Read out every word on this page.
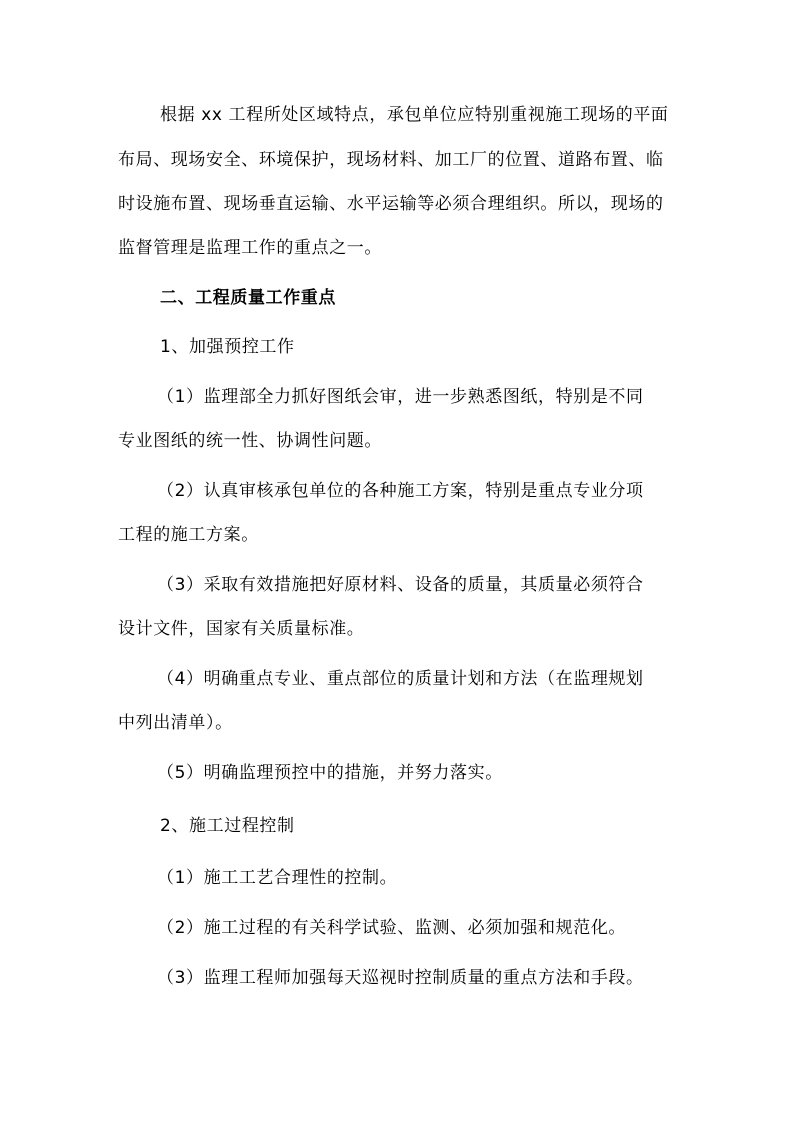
根据 xx 工程所处区域特点，承包单位应特别重视施工现场的平面
布局、现场安全、环境保护，现场材料、加工厂的位置、道路布置、临
时设施布置、现场垂直运输、水平运输等必须合理组织。所以，现场的
监督管理是监理工作的重点之一。
二、工程质量工作重点
1、加强预控工作
（1）监理部全力抓好图纸会审，进一步熟悉图纸，特别是不同
专业图纸的统一性、协调性问题。
（2）认真审核承包单位的各种施工方案，特别是重点专业分项
工程的施工方案。
（3）采取有效措施把好原材料、设备的质量，其质量必须符合
设计文件，国家有关质量标准。
（4）明确重点专业、重点部位的质量计划和方法（在监理规划
中列出清单）。
（5）明确监理预控中的措施，并努力落实。
2、施工过程控制
（1）施工工艺合理性的控制。
（2）施工过程的有关科学试验、监测、必须加强和规范化。
（3）监理工程师加强每天巡视时控制质量的重点方法和手段。
